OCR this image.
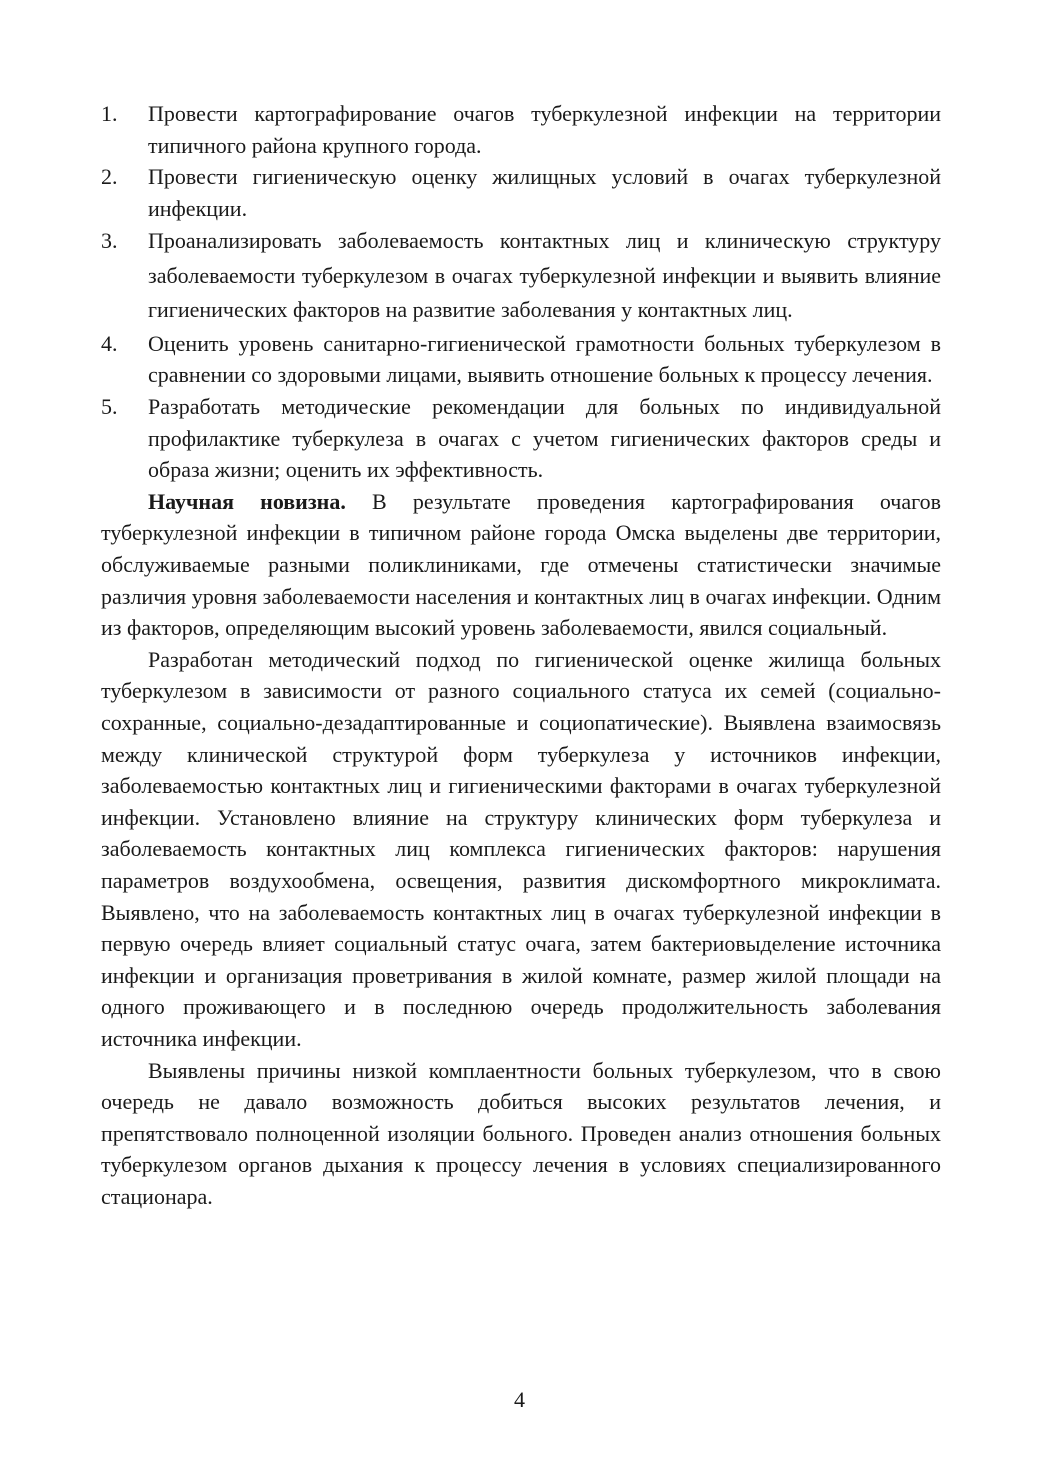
1. Провести картографирование очагов туберкулезной инфекции на территории типичного района крупного города.
2. Провести гигиеническую оценку жилищных условий в очагах туберкулезной инфекции.
3. Проанализировать заболеваемость контактных лиц и клиническую структуру заболеваемости туберкулезом в очагах туберкулезной инфекции и выявить влияние гигиенических факторов на развитие заболевания у контактных лиц.
4. Оценить уровень санитарно-гигиенической грамотности больных туберкулезом в сравнении со здоровыми лицами, выявить отношение больных к процессу лечения.
5. Разработать методические рекомендации для больных по индивидуальной профилактике туберкулеза в очагах с учетом гигиенических факторов среды и образа жизни; оценить их эффективность.

Научная новизна. В результате проведения картографирования очагов туберкулезной инфекции в типичном районе города Омска выделены две территории, обслуживаемые разными поликлиниками, где отмечены статистически значимые различия уровня заболеваемости населения и контактных лиц в очагах инфекции. Одним из факторов, определяющим высокий уровень заболеваемости, явился социальный.

Разработан методический подход по гигиенической оценке жилища больных туберкулезом в зависимости от разного социального статуса их семей (социально-сохранные, социально-дезадаптированные и социопатические). Выявлена взаимосвязь между клинической структурой форм туберкулеза у источников инфекции, заболеваемостью контактных лиц и гигиеническими факторами в очагах туберкулезной инфекции. Установлено влияние на структуру клинических форм туберкулеза и заболеваемость контактных лиц комплекса гигиенических факторов: нарушения параметров воздухообмена, освещения, развития дискомфортного микроклимата. Выявлено, что на заболеваемость контактных лиц в очагах туберкулезной инфекции в первую очередь влияет социальный статус очага, затем бактериовыделение источника инфекции и организация проветривания в жилой комнате, размер жилой площади на одного проживающего и в последнюю очередь продолжительность заболевания источника инфекции.

Выявлены причины низкой комплаентности больных туберкулезом, что в свою очередь не давало возможность добиться высоких результатов лечения, и препятствовало полноценной изоляции больного. Проведен анализ отношения больных туберкулезом органов дыхания к процессу лечения в условиях специализированного стационара.

4
